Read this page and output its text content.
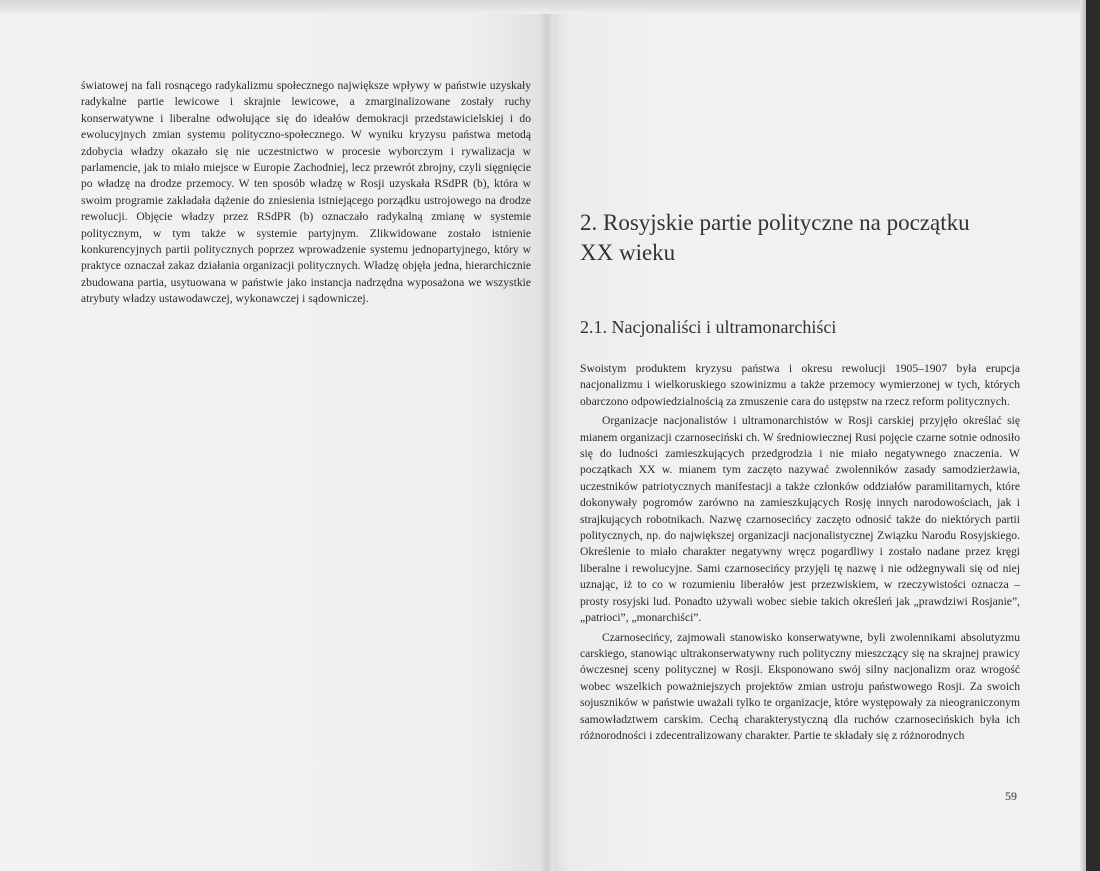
światowej na fali rosnącego radykalizmu społecznego największe wpływy w państwie uzyskały radykalne partie lewicowe i skrajnie lewicowe, a zmarginalizowane zostały ruchy konserwatywne i liberalne odwołujące się do ideałów demokracji przedstawicielskiej i do ewolucyjnych zmian systemu polityczno-społecznego. W wyniku kryzysu państwa metodą zdobycia władzy okazało się nie uczestnictwo w procesie wyborczym i rywalizacja w parlamencie, jak to miało miejsce w Europie Zachodniej, lecz przewrót zbrojny, czyli sięgnięcie po władzę na drodze przemocy. W ten sposób władzę w Rosji uzyskała RSdPR (b), która w swoim programie zakładała dążenie do zniesienia istniejącego porządku ustrojowego na drodze rewolucji. Objęcie władzy przez RSdPR (b) oznaczało radykalną zmianę w systemie politycznym, w tym także w systemie partyjnym. Zlikwidowane zostało istnienie konkurencyjnych partii politycznych poprzez wprowadzenie systemu jednopartyjnego, który w praktyce oznaczał zakaz działania organizacji politycznych. Władzę objęła jedna, hierarchicznie zbudowana partia, usytuowana w państwie jako instancja nadrzędna wyposażona we wszystkie atrybuty władzy ustawodawczej, wykonawczej i sądowniczej.

2. Rosyjskie partie polityczne na początku XX wieku
2.1. Nacjonaliści i ultramonarchiści

Swoistym produktem kryzysu państwa i okresu rewolucji 1905–1907 była erupcja nacjonalizmu i wielkoruskiego szowinizmu a także przemocy wymierzonej w tych, których obarczono odpowiedzialnością za zmuszenie cara do ustępstw na rzecz reform politycznych.

Organizacje nacjonalistów i ultramonarchistów w Rosji carskiej przyjęło określać się mianem organizacji czarnoseciński ch. W średniowiecznej Rusi pojęcie czarne sotnie odnosiło się do ludności zamieszkujących przedgrodzia i nie miało negatywnego znaczenia. W początkach XX w. mianem tym zaczęto nazywać zwolenników zasady samodzierżawia, uczestników patriotycznych manifestacji a także członków oddziałów paramilitarnych, które dokonywały pogromów zarówno na zamieszkujących Rosję innych narodowościach, jak i strajkujących robotnikach. Nazwę czarnosecińcy zaczęto odnosić także do niektórych partii politycznych, np. do największej organizacji nacjonalistycznej Związku Narodu Rosyjskiego. Określenie to miało charakter negatywny wręcz pogardliwy i zostało nadane przez kręgi liberalne i rewolucyjne. Sami czarnosecińcy przyjęli tę nazwę i nie odżegnywali się od niej uznając, iż to co w rozumieniu liberałów jest przezwiskiem, w rzeczywistości oznacza – prosty rosyjski lud. Ponadto używali wobec siebie takich określeń jak „prawdziwi Rosjanie”, „patrioci”, „monarchiści”.

Czarnosecińcy, zajmowali stanowisko konserwatywne, byli zwolennikami absolutyzmu carskiego, stanowiąc ultrakonserwatywny ruch polityczny mieszczący się na skrajnej prawicy ówczesnej sceny politycznej w Rosji. Eksponowano swój silny nacjonalizm oraz wrogość wobec wszelkich poważniejszych projektów zmian ustroju państwowego Rosji. Za swoich sojuszników w państwie uważali tylko te organizacje, które występowały za nieograniczonym samowładztwem carskim. Cechą charakterystyczną dla ruchów czarnosecińskich była ich różnorodności i zdecentralizowany charakter. Partie te składały się z różnorodnych

59
